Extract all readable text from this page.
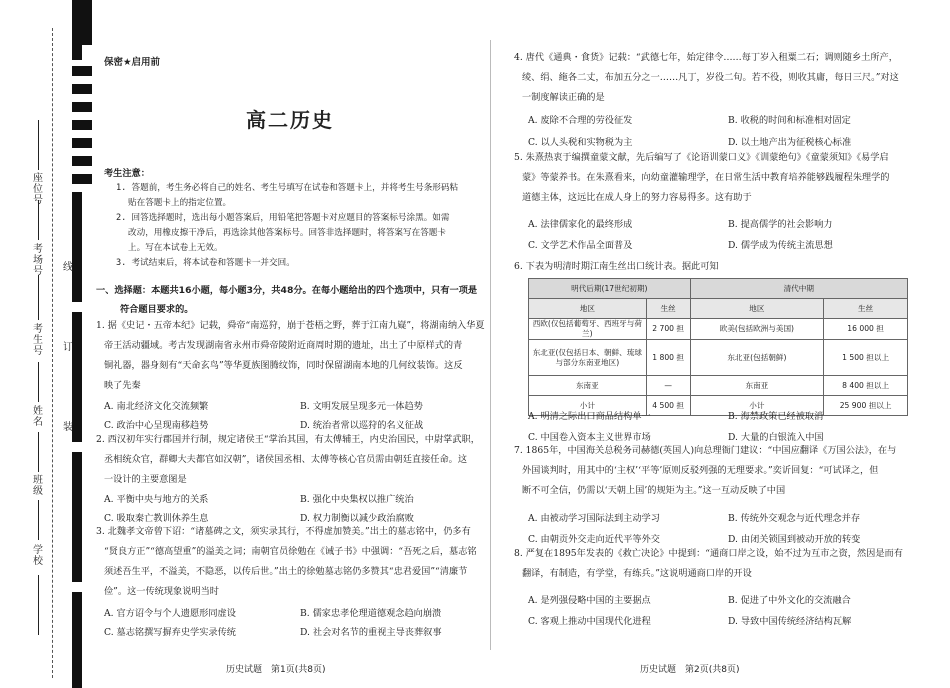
座位号
考场号
考生号
姓名
班级
学校
线
订
装
保密★启用前
高二历史
考生注意：
1. 答题前，考生务必将自己的姓名、考生号填写在试卷和答题卡上，并将考生号条形码粘
贴在答题卡上的指定位置。
2. 回答选择题时，选出每小题答案后，用铅笔把答题卡对应题目的答案标号涂黑。如需
改动，用橡皮擦干净后，再选涂其他答案标号。回答非选择题时，将答案写在答题卡
上。写在本试卷上无效。
3. 考试结束后，将本试卷和答题卡一并交回。
一、选择题：本题共16小题，每小题3分，共48分。在每小题给出的四个选项中，只有一项是
符合题目要求的。
1. 据《史记・五帝本纪》记载，舜帝“南巡狩，崩于苍梧之野，葬于江南九嶷”，将湖南纳入华夏
帝王活动疆域。考古发现湖南省永州市舜帝陵附近商周时期的遗址，出土了中原样式的青
铜礼器，器身刻有“天命玄鸟”等华夏族图腾纹饰，同时保留湖南本地的几何纹装饰。这反
映了先秦
A. 南北经济文化交流频繁	B. 文明发展呈现多元一体趋势
C. 政治中心呈现南移趋势	D. 统治者常以巡狩的名义征战
2. 西汉初年实行郡国并行制，规定诸侯王“掌治其国，有太傅辅王，内史治国民，中尉掌武职，
丞相统众官，群卿大夫都官如汉朝”，诸侯国丞相、太傅等核心官员需由朝廷直接任命。这
一设计的主要意图是
A. 平衡中央与地方的关系	B. 强化中央集权以推广统治
C. 吸取秦亡教训休养生息	D. 权力制衡以减少政治腐败
3. 北魏孝文帝曾下诏：“诸墓碑之文，须实录其行，不得虚加赞美。”出土的墓志铭中，仍多有
“贤良方正”“德高望重”的溢美之词；南朝官员徐勉在《诫子书》中强调：“吾死之后，墓志铭
须述吾生平，不溢美，不隐恶，以传后世。”出土的徐勉墓志铭仍多赞其“忠君爱国”“清廉节
俭”。这一传统现象说明当时
A. 官方诏令与个人遗愿形同虚设	B. 儒家忠孝伦理道德观念趋向崩溃
C. 墓志铭撰写摒弃史学实录传统	D. 社会对名节的重视主导丧葬叙事
历史试题　第1页(共8页)
4. 唐代《通典・食货》记载：“武德七年，始定律令……每丁岁入租粟二石；调则随乡土所产，
绫、绢、絁各二丈，布加五分之一……凡丁，岁役二旬。若不役，则收其庸，每日三尺。”对这
一制度解读正确的是
A. 废除不合理的劳役征发	B. 收税的时间和标准相对固定
C. 以人头税和实物税为主	D. 以土地产出为征税核心标准
5. 朱熹热衷于编撰童蒙文献，先后编写了《论语训蒙口义》《训蒙绝句》《童蒙须知》《易学启
蒙》等蒙养书。在朱熹看来，向幼童灌输理学，在日常生活中教育培养能够践履程朱理学的
道德主体，这远比在成人身上的努力容易得多。这有助于
A. 法律儒家化的最终形成	B. 提高儒学的社会影响力
C. 文学艺术作品全面普及	D. 儒学成为传统主流思想
6. 下表为明清时期江南生丝出口统计表。据此可知
明代后期(17世纪初期)		清代中期	
地区	生丝	地区	生丝
西欧(仅包括葡萄牙、西班牙与荷兰)	2 700 担	欧美(包括欧洲与美国)	16 000 担
东北亚(仅包括日本、朝鲜、琉球与部分东南亚地区)	1 800 担	东北亚(包括朝鲜)	1 500 担以上
东南亚	—	东南亚	8 400 担以上
小计	4 500 担	小计	25 900 担以上
A. 明清之际出口商品结构单一	B. 海禁政策已经被取消
C. 中国卷入资本主义世界市场	D. 大量的白银流入中国
7. 1865年，中国海关总税务司赫德(英国人)向总理衙门建议：“中国应翻译《万国公法》，在与
外国谈判时，用其中的‘主权’‘平等’原则反驳列强的无理要求。”奕䜣回复：“可试译之，但
断不可全信，仍需以‘天朝上国’的规矩为主。”这一互动反映了中国
A. 由被动学习国际法到主动学习	B. 传统外交观念与近代理念并存
C. 由朝贡外交走向近代平等外交	D. 由闭关锁国到被动开放的转变
8. 严复在1895年发表的《救亡决论》中提到：“通商口岸之设，始不过为互市之资，然因是而有
翻译，有制造，有学堂，有练兵。”这说明通商口岸的开设
A. 是列强侵略中国的主要据点	B. 促进了中外文化的交流融合
C. 客观上推动中国现代化进程	D. 导致中国传统经济结构瓦解
历史试题　第2页(共8页)
